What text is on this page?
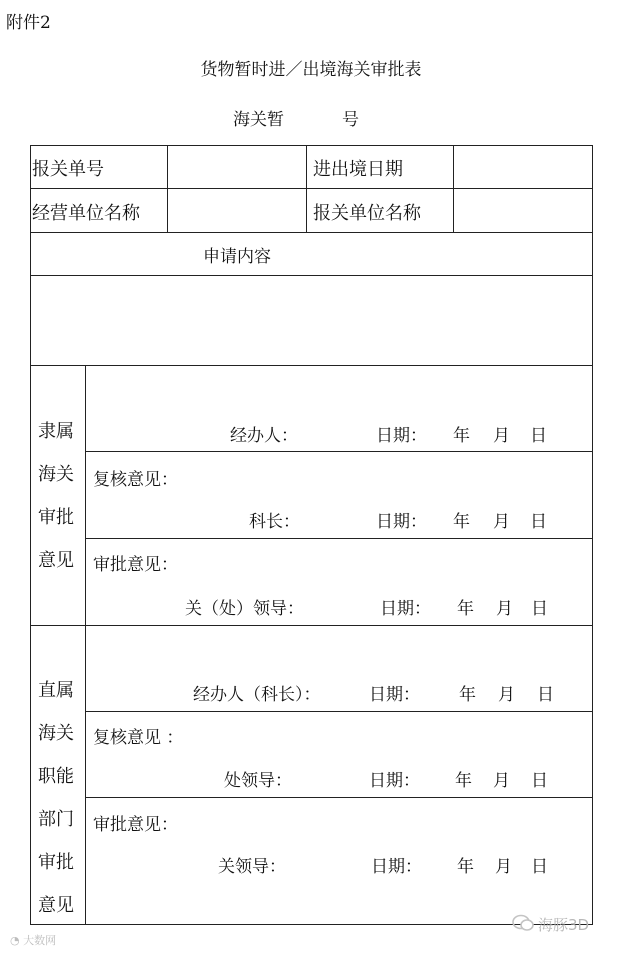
附件2
货物暂时进／出境海关审批表
海关暂	号
报关单号	进出境日期
经营单位名称	报关单位名称
申请内容
隶属
海关
审批
意见
经办人：	日期： 年 月 日
复核意见：
科长：	日期： 年 月 日
审批意见：
关（处）领导：	日期： 年 月 日
直属
海关
职能
部门
审批
意见
经办人（科长）：	日期： 年 月 日
复核意见 ：
处领导：	日期： 年 月 日
审批意见：
关领导：	日期： 年 月 日
◔ 大数网
海豚3D
